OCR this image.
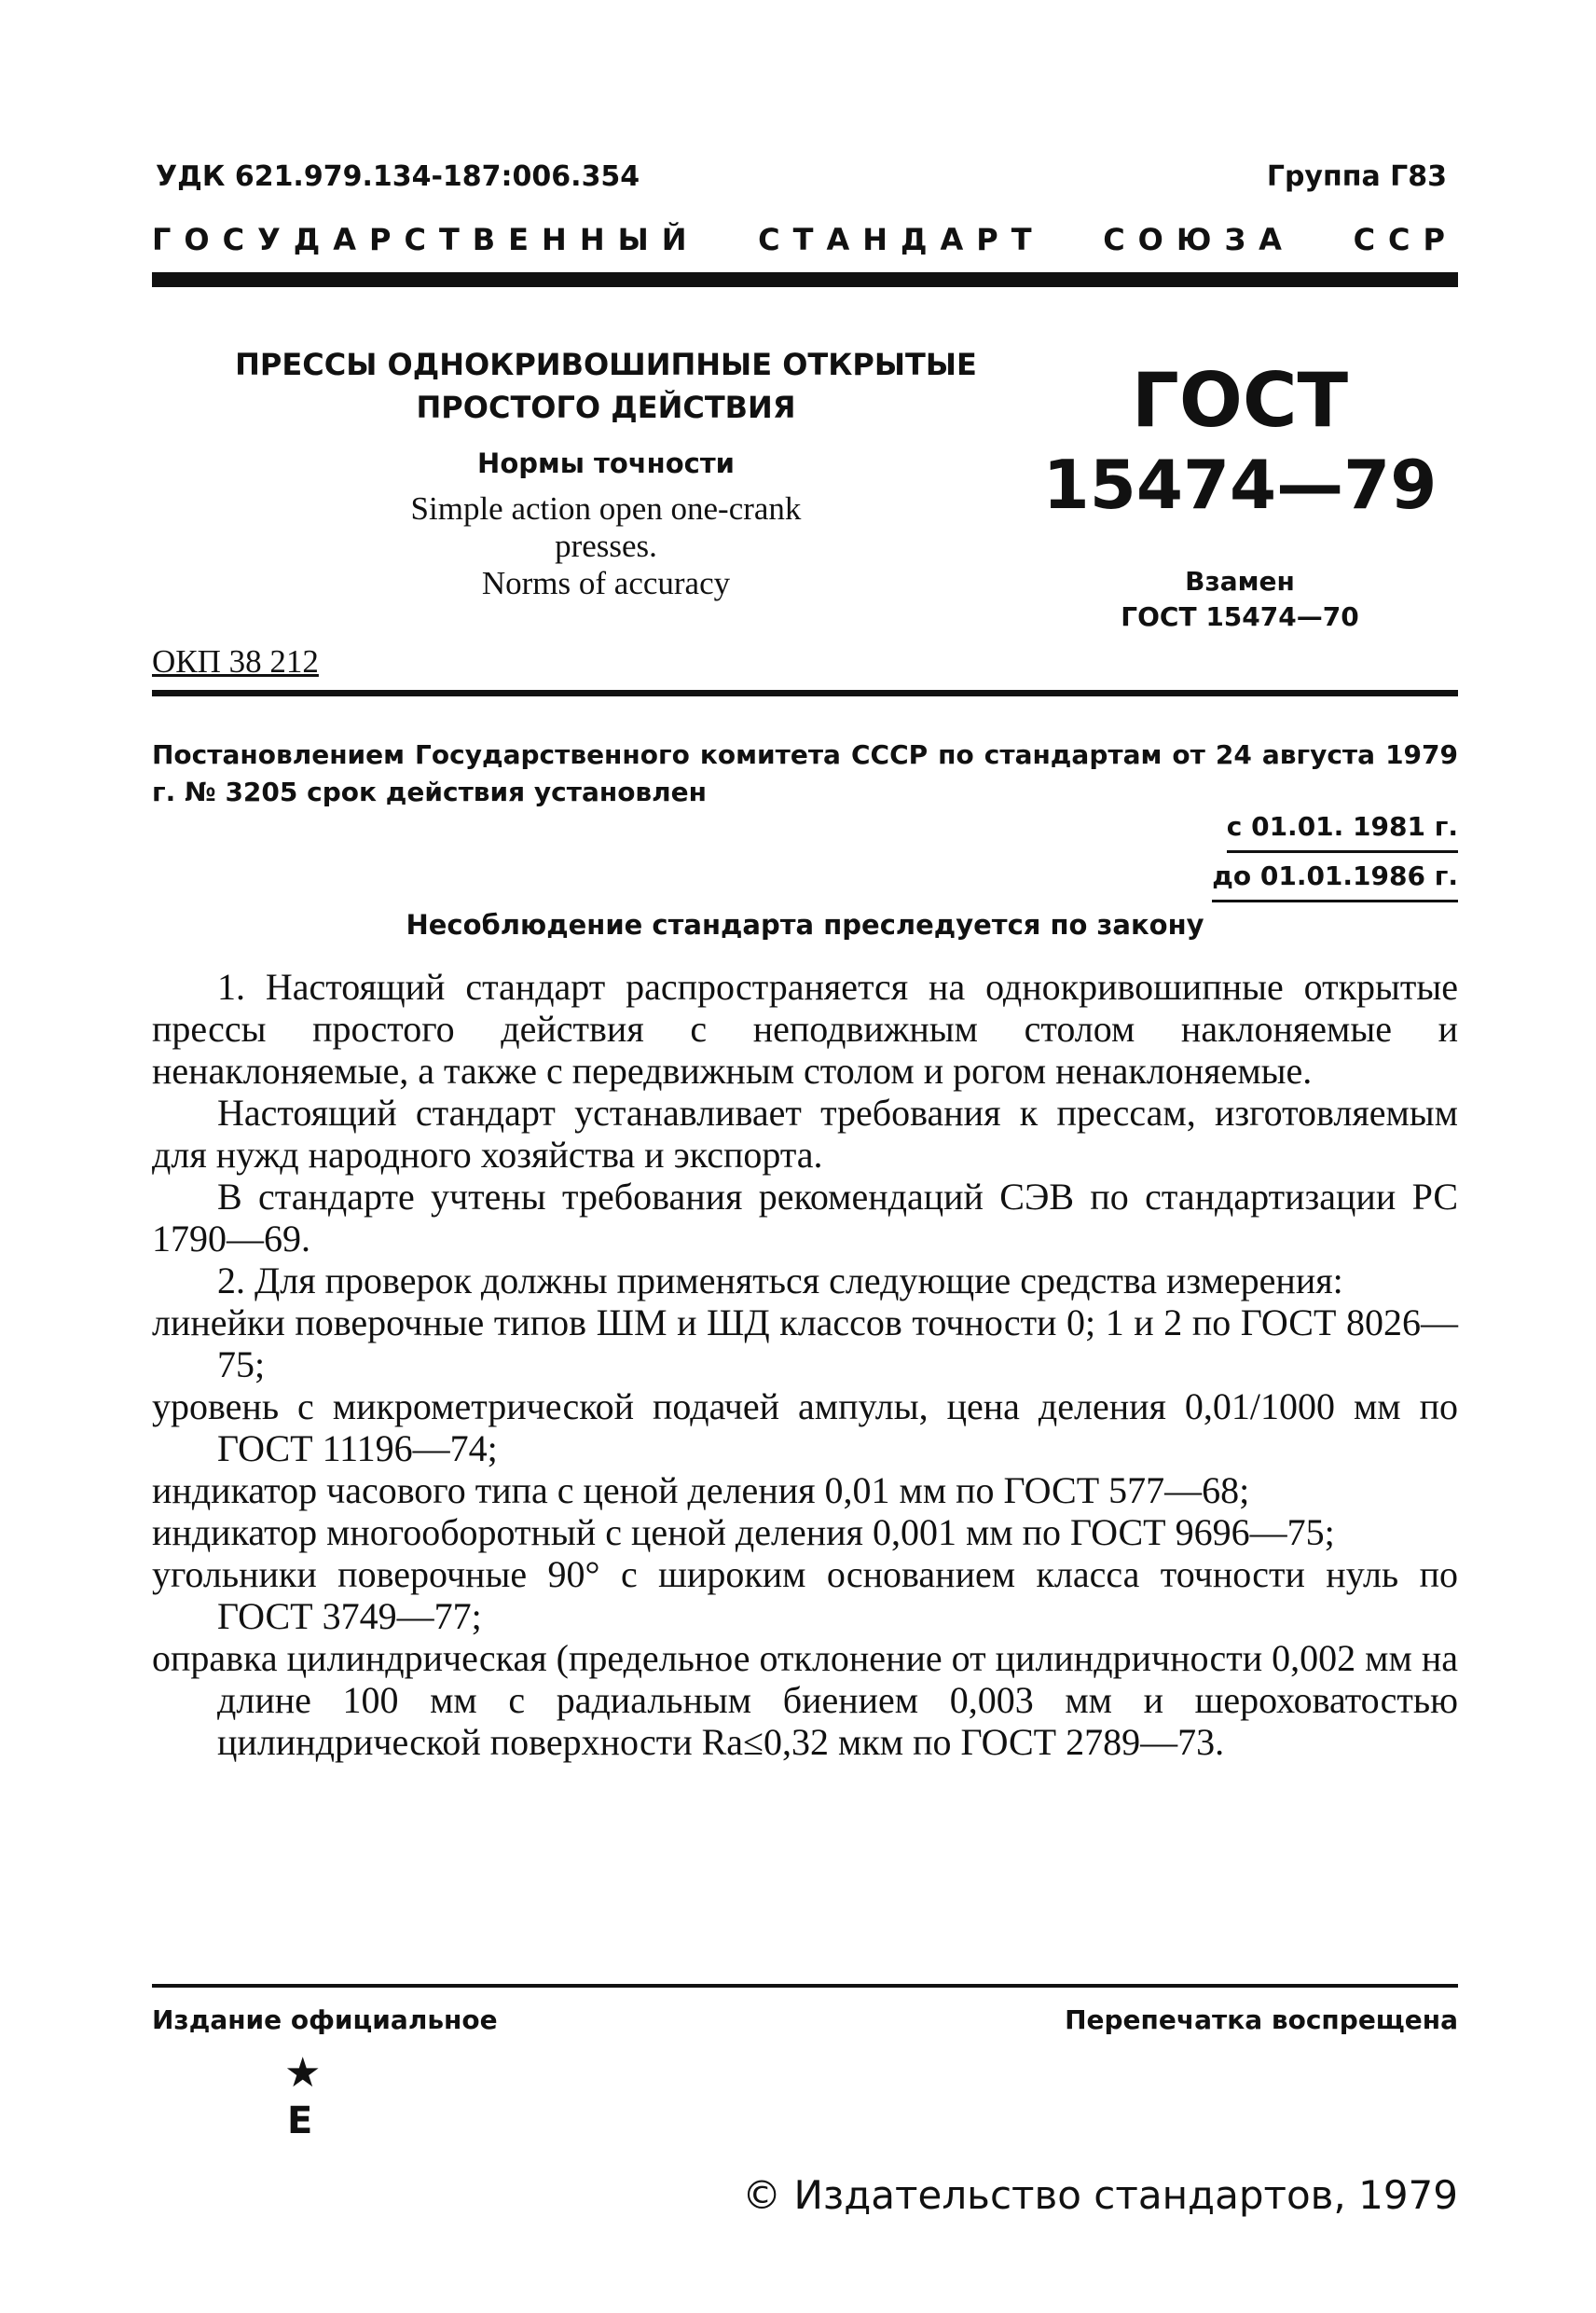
УДК 621.979.134-187:006.354	Группа Г83
ГОСУДАРСТВЕННЫЙ СТАНДАРТ СОЮЗА ССР
ПРЕССЫ ОДНОКРИВОШИПНЫЕ ОТКРЫТЫЕ
ПРОСТОГО ДЕЙСТВИЯ
Нормы точности
Simple action open one-crank
presses.
Norms of accuracy
ГОСТ
15474—79
Взамен
ГОСТ 15474—70
ОКП 38 212
Постановлением Государственного комитета СССР по стандартам от 24 августа 1979 г. № 3205 срок действия установлен
с 01.01. 1981 г.
до 01.01.1986 г.
Несоблюдение стандарта преследуется по закону

1. Настоящий стандарт распространяется на однокривошипные открытые прессы простого действия с неподвижным столом наклоняемые и ненаклоняемые, а также с передвижным столом и рогом ненаклоняемые.

Настоящий стандарт устанавливает требования к прессам, изготовляемым для нужд народного хозяйства и экспорта.

В стандарте учтены требования рекомендаций СЭВ по стандартизации РС 1790—69.

2. Для проверок должны применяться следующие средства измерения:

линейки поверочные типов ШМ и ШД классов точности 0; 1 и 2 по ГОСТ 8026—75;

уровень с микрометрической подачей ампулы, цена деления 0,01/1000 мм по ГОСТ 11196—74;

индикатор часового типа с ценой деления 0,01 мм по ГОСТ 577—68;

индикатор многооборотный с ценой деления 0,001 мм по ГОСТ 9696—75;

угольники поверочные 90° с широким основанием класса точности нуль по ГОСТ 3749—77;

оправка цилиндрическая (предельное отклонение от цилиндричности 0,002 мм на длине 100 мм с радиальным биением 0,003 мм и шероховатостью цилиндрической поверхности Ra≤0,32 мкм по ГОСТ 2789—73.

Издание официальное	Перепечатка воспрещена
★
E
© Издательство стандартов, 1979
